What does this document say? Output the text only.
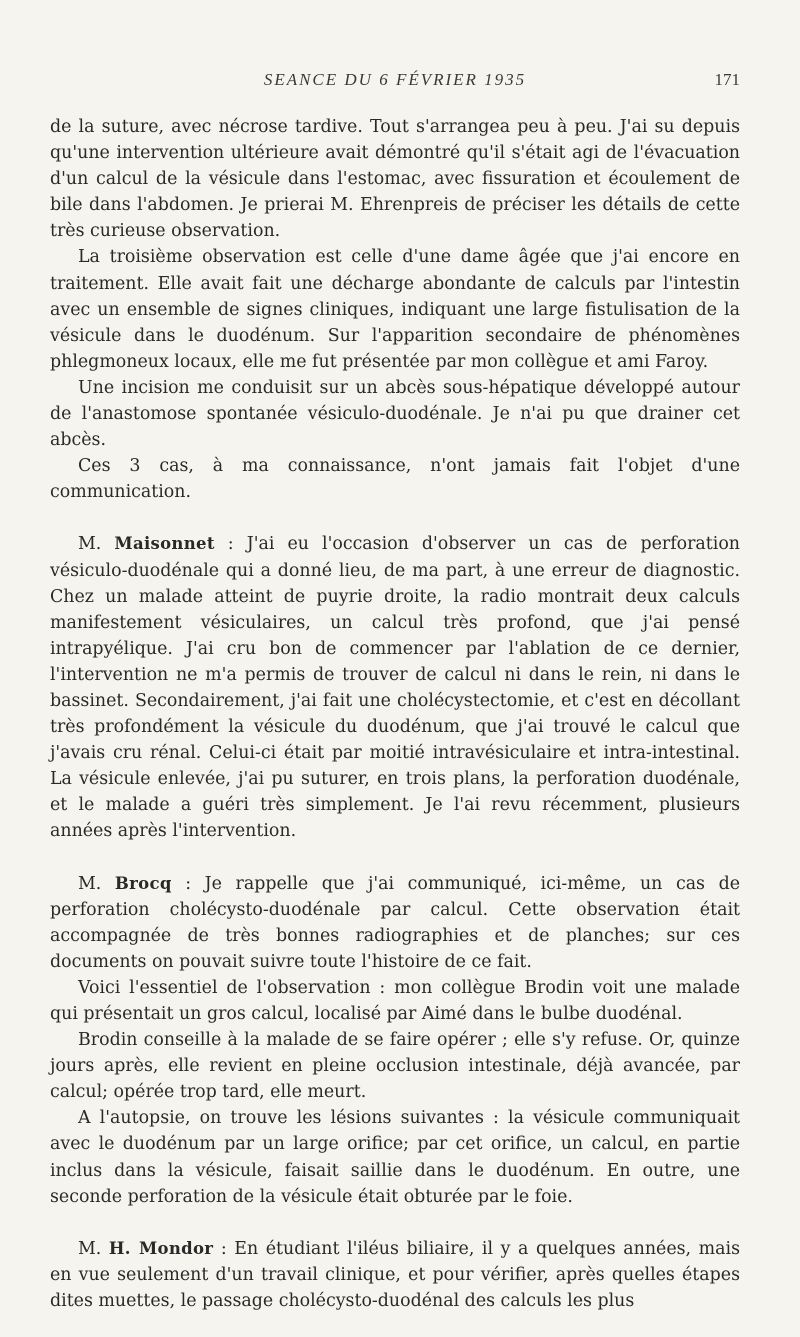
SEANCE DU 6 FÉVRIER 1935	171

de la suture, avec nécrose tardive. Tout s'arrangea peu à peu. J'ai su depuis qu'une intervention ultérieure avait démontré qu'il s'était agi de l'évacuation d'un calcul de la vésicule dans l'estomac, avec fissuration et écoulement de bile dans l'abdomen. Je prierai M. Ehrenpreis de préciser les détails de cette très curieuse observation.

La troisième observation est celle d'une dame âgée que j'ai encore en traitement. Elle avait fait une décharge abondante de calculs par l'intestin avec un ensemble de signes cliniques, indiquant une large fistulisation de la vésicule dans le duodénum. Sur l'apparition secondaire de phénomènes phlegmoneux locaux, elle me fut présentée par mon collègue et ami Faroy.

Une incision me conduisit sur un abcès sous-hépatique développé autour de l'anastomose spontanée vésiculo-duodénale. Je n'ai pu que drainer cet abcès.

Ces 3 cas, à ma connaissance, n'ont jamais fait l'objet d'une communication.

M. Maisonnet : J'ai eu l'occasion d'observer un cas de perforation vésiculo-duodénale qui a donné lieu, de ma part, à une erreur de diagnostic. Chez un malade atteint de puyrie droite, la radio montrait deux calculs manifestement vésiculaires, un calcul très profond, que j'ai pensé intrapyélique. J'ai cru bon de commencer par l'ablation de ce dernier, l'intervention ne m'a permis de trouver de calcul ni dans le rein, ni dans le bassinet. Secondairement, j'ai fait une cholécystectomie, et c'est en décollant très profondément la vésicule du duodénum, que j'ai trouvé le calcul que j'avais cru rénal. Celui-ci était par moitié intravésiculaire et intra-intestinal. La vésicule enlevée, j'ai pu suturer, en trois plans, la perforation duodénale, et le malade a guéri très simplement. Je l'ai revu récemment, plusieurs années après l'intervention.

M. Brocq : Je rappelle que j'ai communiqué, ici-même, un cas de perforation cholécysto-duodénale par calcul. Cette observation était accompagnée de très bonnes radiographies et de planches; sur ces documents on pouvait suivre toute l'histoire de ce fait.

Voici l'essentiel de l'observation : mon collègue Brodin voit une malade qui présentait un gros calcul, localisé par Aimé dans le bulbe duodénal.

Brodin conseille à la malade de se faire opérer ; elle s'y refuse. Or, quinze jours après, elle revient en pleine occlusion intestinale, déjà avancée, par calcul; opérée trop tard, elle meurt.

A l'autopsie, on trouve les lésions suivantes : la vésicule communiquait avec le duodénum par un large orifice; par cet orifice, un calcul, en partie inclus dans la vésicule, faisait saillie dans le duodénum. En outre, une seconde perforation de la vésicule était obturée par le foie.

M. H. Mondor : En étudiant l'iléus biliaire, il y a quelques années, mais en vue seulement d'un travail clinique, et pour vérifier, après quelles étapes dites muettes, le passage cholécysto-duodénal des calculs les plus
